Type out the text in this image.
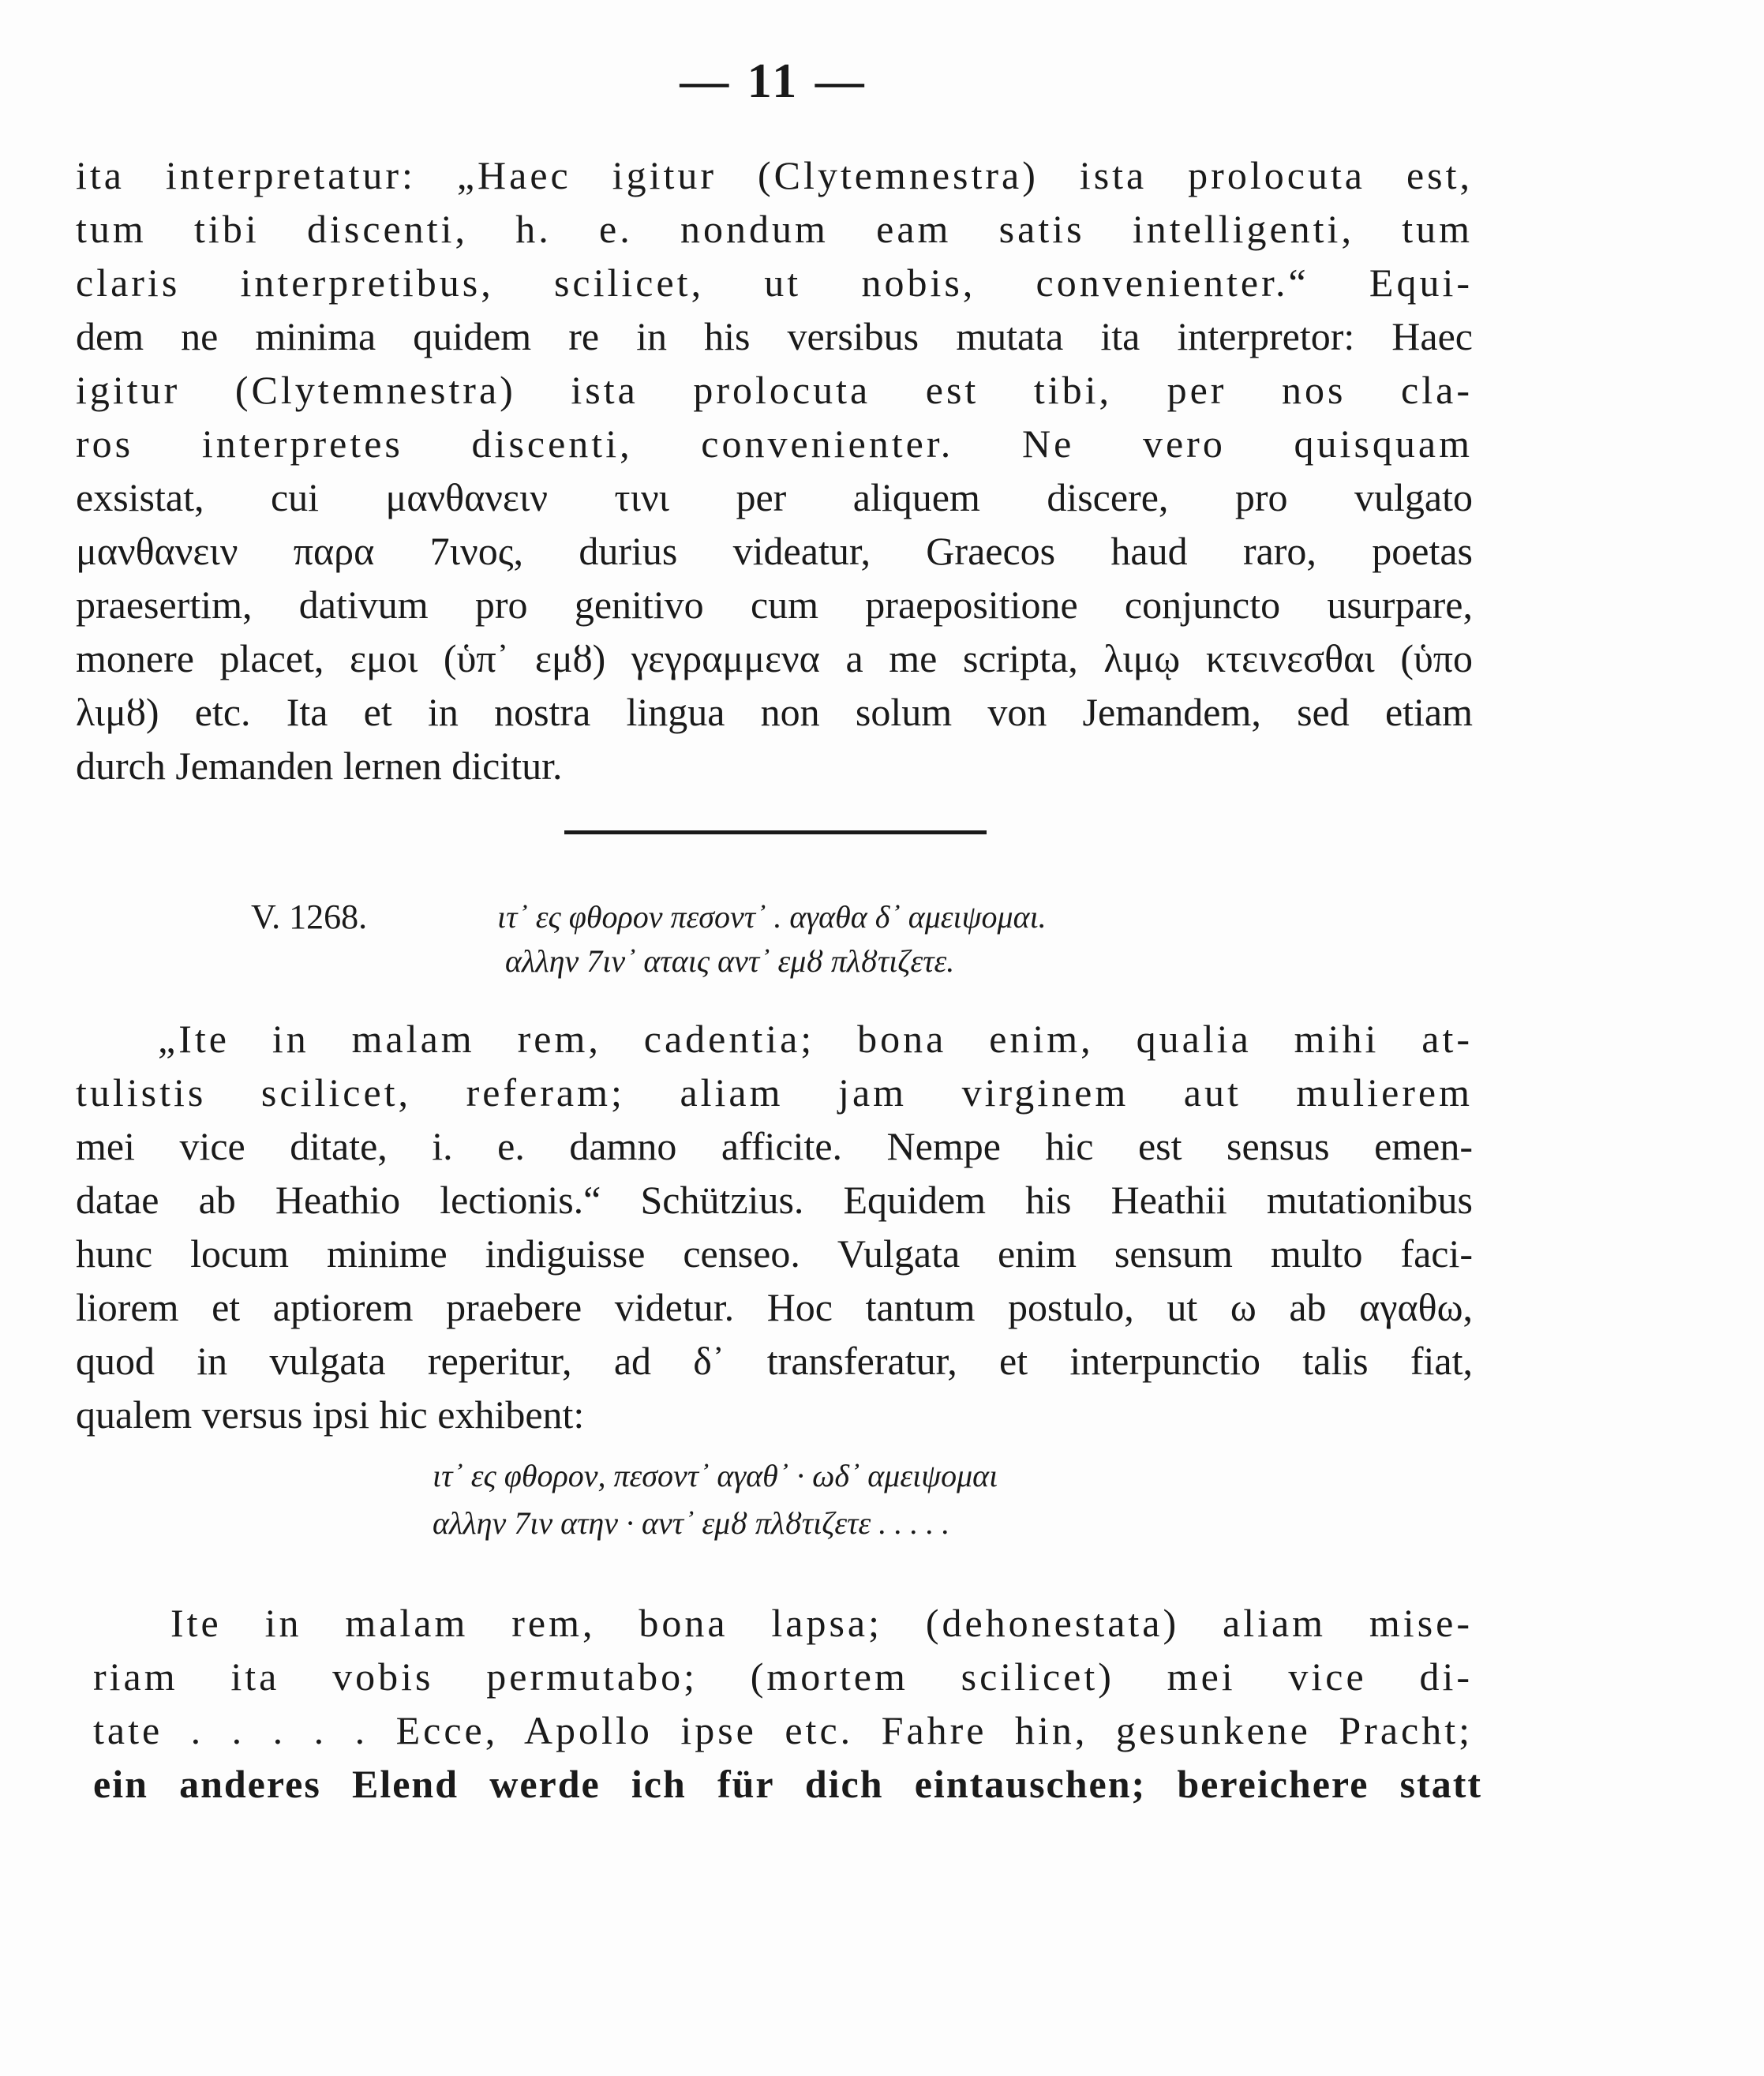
— 11 —
ita interpretatur: „Haec igitur (Clytemnestra) ista prolocuta est,
tum tibi discenti, h. e. nondum eam satis intelligenti, tum
claris interpretibus, scilicet, ut nobis, convenienter.“ Equi-
dem ne minima quidem re in his versibus mutata ita interpretor: Haec
igitur (Clytemnestra) ista prolocuta est tibi, per nos cla-
ros interpretes discenti, convenienter. Ne vero quisquam
exsistat, cui μανθανειν τινι per aliquem discere, pro vulgato
μανθανειν παρα 7ινος, durius videatur, Graecos haud raro, poetas
praesertim, dativum pro genitivo cum praepositione conjuncto usurpare,
monere placet, εμοι (ὑπ᾽ εμȣ) γεγραμμενα a me scripta, λιμῳ κτεινεσθαι (ὑπο
λιμȣ) etc. Ita et in nostra lingua non solum von Jemandem, sed etiam
durch Jemanden lernen dicitur.
V. 1268.	ιτ᾽ ες φθορον πεσοντ᾽ . αγαθα δ᾽ αμειψομαι.
αλλην 7ιν᾽ αταις αντ᾽ εμȣ πλȣτιζετε.
„Ite in malam rem, cadentia; bona enim, qualia mihi at-
tulistis scilicet, referam; aliam jam virginem aut mulierem
mei vice ditate, i. e. damno afficite. Nempe hic est sensus emen-
datae ab Heathio lectionis.“ Schützius. Equidem his Heathii mutationibus
hunc locum minime indiguisse censeo. Vulgata enim sensum multo faci-
liorem et aptiorem praebere videtur. Hoc tantum postulo, ut ω ab αγαθω,
quod in vulgata reperitur, ad δ᾽ transferatur, et interpunctio talis fiat,
qualem versus ipsi hic exhibent:
ιτ᾽ ες φθορον, πεσοντ᾽ αγαθ᾽ · ωδ᾽ αμειψομαι
αλλην 7ιν ατην · αντ᾽ εμȣ πλȣτιζετε . . . . .
Ite in malam rem, bona lapsa; (dehonestata) aliam mise-
riam ita vobis permutabo; (mortem scilicet) mei vice di-
tate . . . . . Ecce, Apollo ipse etc. Fahre hin, gesunkene Pracht;
ein anderes Elend werde ich für dich eintauschen; bereichere statt
